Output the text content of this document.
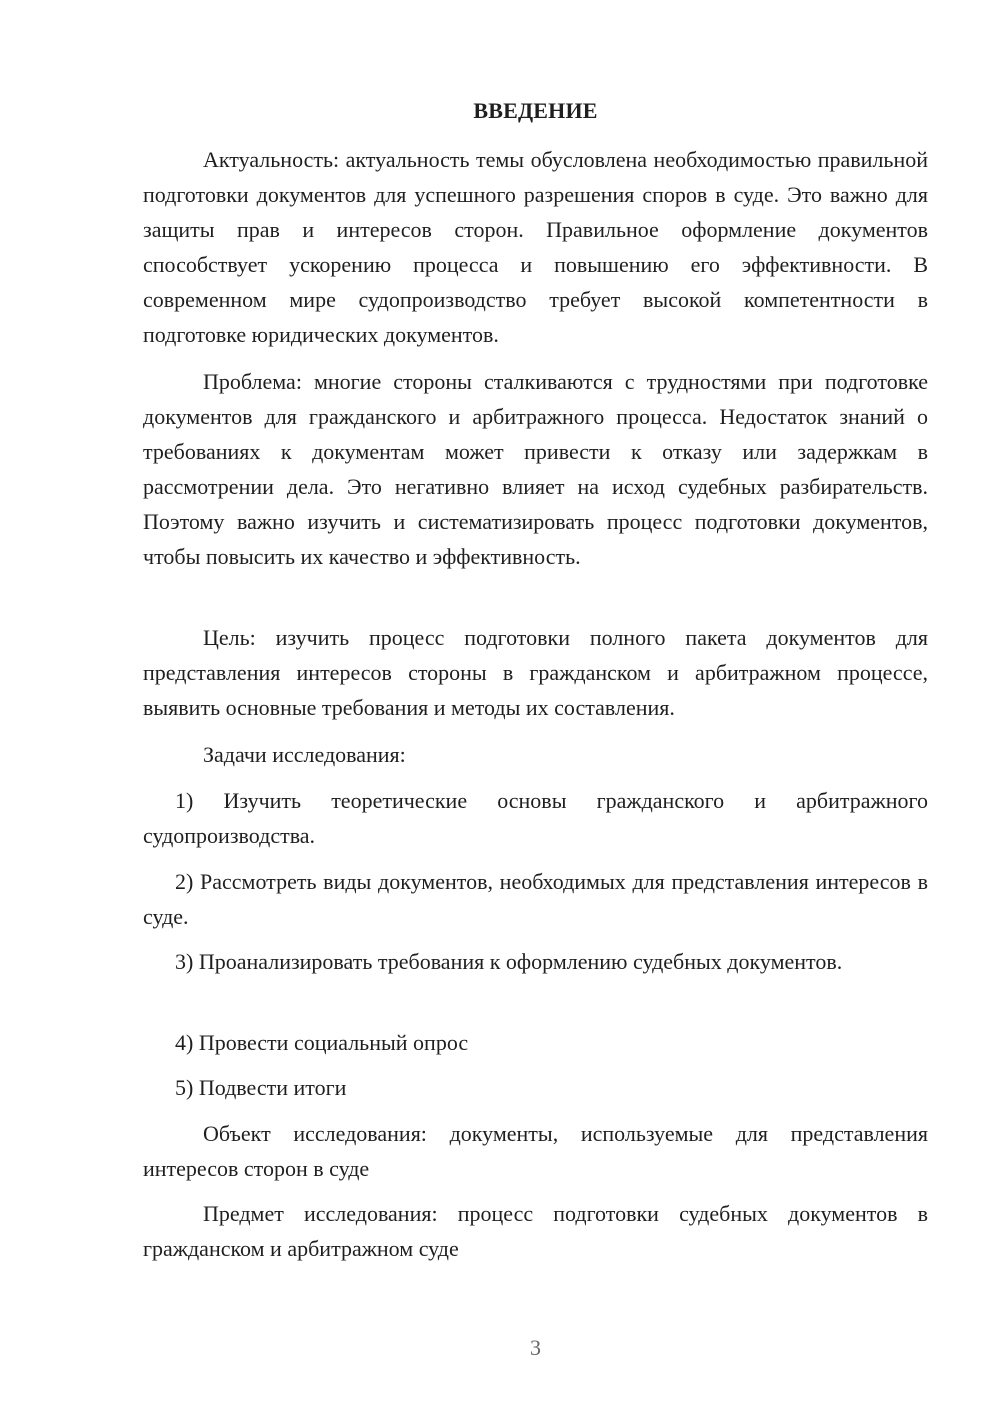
ВВЕДЕНИЕ

Актуальность: актуальность темы обусловлена необходимостью правильной подготовки документов для успешного разрешения споров в суде. Это важно для защиты прав и интересов сторон. Правильное оформление документов способствует ускорению процесса и повышению его эффективности. В современном мире судопроизводство требует высокой компетентности в подготовке юридических документов.

Проблема: многие стороны сталкиваются с трудностями при подготовке документов для гражданского и арбитражного процесса. Недостаток знаний о требованиях к документам может привести к отказу или задержкам в рассмотрении дела. Это негативно влияет на исход судебных разбирательств. Поэтому важно изучить и систематизировать процесс подготовки документов, чтобы повысить их качество и эффективность.

Цель: изучить процесс подготовки полного пакета документов для представления интересов стороны в гражданском и арбитражном процессе, выявить основные требования и методы их составления.

Задачи исследования:

1) Изучить теоретические основы гражданского и арбитражного судопроизводства.

2) Рассмотреть виды документов, необходимых для представления интересов в суде.

3) Проанализировать требования к оформлению судебных документов.

4) Провести социальный опрос

5) Подвести итоги

Объект исследования: документы, используемые для представления интересов сторон в суде

Предмет исследования: процесс подготовки судебных документов в гражданском и арбитражном суде

3
